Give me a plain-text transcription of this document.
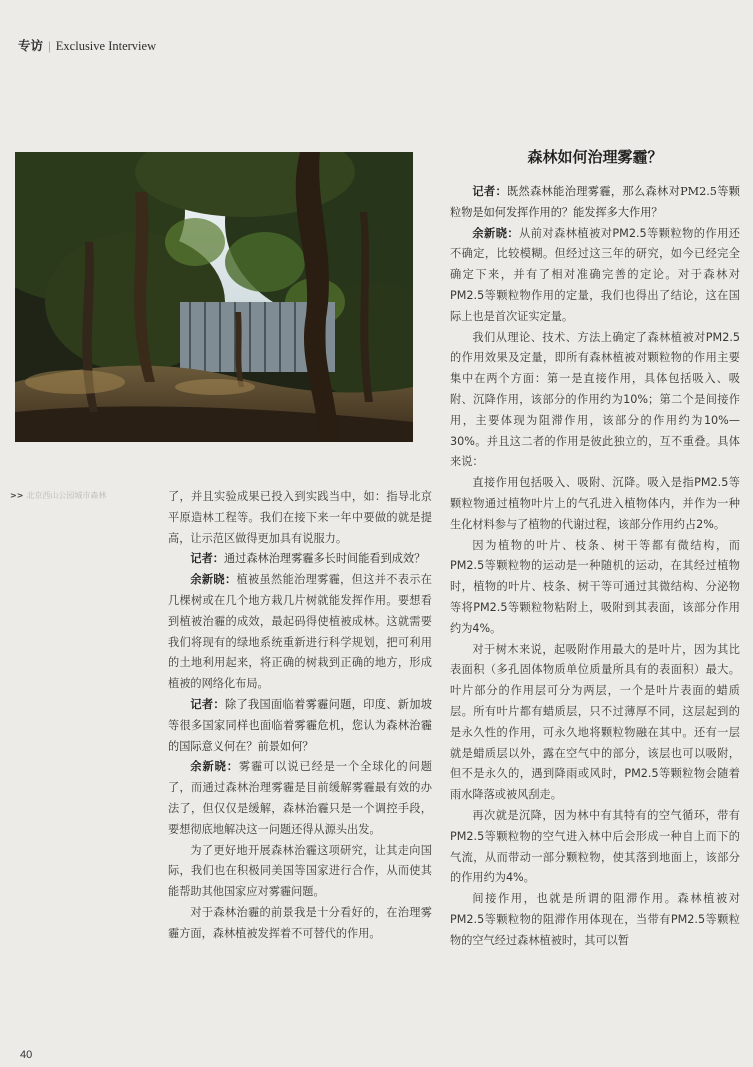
专访 | Exclusive Interview
>> 北京西山公园城市森林	了，并且实验成果已投入到实践当中，如：指导北京平原造林工程等。我们在接下来一年中要做的就是提高，让示范区做得更加具有说服力。

记者：通过森林治理雾霾多长时间能看到成效？

余新晓：植被虽然能治理雾霾，但这并不表示在几棵树或在几个地方栽几片树就能发挥作用。要想看到植被治霾的成效，最起码得使植被成林。这就需要我们将现有的绿地系统重新进行科学规划，把可利用的土地利用起来，将正确的树栽到正确的地方，形成植被的网络化布局。

记者：除了我国面临着雾霾问题，印度、新加坡等很多国家同样也面临着雾霾危机，您认为森林治霾的国际意义何在？前景如何？

余新晓：雾霾可以说已经是一个全球化的问题了，而通过森林治理雾霾是目前缓解雾霾最有效的办法了，但仅仅是缓解，森林治霾只是一个调控手段，要想彻底地解决这一问题还得从源头出发。

为了更好地开展森林治霾这项研究，让其走向国际，我们也在积极同美国等国家进行合作，从而使其能帮助其他国家应对雾霾问题。

对于森林治霾的前景我是十分看好的，在治理雾霾方面，森林植被发挥着不可替代的作用。

森林如何治理雾霾？

记者：既然森林能治理雾霾，那么森林对PM2.5等颗粒物是如何发挥作用的？能发挥多大作用？

余新晓：从前对森林植被对PM2.5等颗粒物的作用还不确定，比较模糊。但经过这三年的研究，如今已经完全确定下来，并有了相对准确完善的定论。对于森林对PM2.5等颗粒物作用的定量，我们也得出了结论，这在国际上也是首次证实定量。

我们从理论、技术、方法上确定了森林植被对PM2.5的作用效果及定量，即所有森林植被对颗粒物的作用主要集中在两个方面：第一是直接作用，具体包括吸入、吸附、沉降作用，该部分的作用约为10%；第二个是间接作用，主要体现为阻滞作用，该部分的作用约为10%—30%。并且这二者的作用是彼此独立的，互不重叠。具体来说：

直接作用包括吸入、吸附、沉降。吸入是指PM2.5等颗粒物通过植物叶片上的气孔进入植物体内，并作为一种生化材料参与了植物的代谢过程，该部分作用约占2%。

因为植物的叶片、枝条、树干等都有微结构，而PM2.5等颗粒物的运动是一种随机的运动，在其经过植物时，植物的叶片、枝条、树干等可通过其微结构、分泌物等将PM2.5等颗粒物粘附上，吸附到其表面，该部分作用约为4%。

对于树木来说，起吸附作用最大的是叶片，因为其比表面积（多孔固体物质单位质量所具有的表面积）最大。叶片部分的作用层可分为两层，一个是叶片表面的蜡质层。所有叶片都有蜡质层，只不过薄厚不同，这层起到的是永久性的作用，可永久地将颗粒物融在其中。还有一层就是蜡质层以外，露在空气中的部分，该层也可以吸附，但不是永久的，遇到降雨或风时，PM2.5等颗粒物会随着雨水降落或被风刮走。

再次就是沉降，因为林中有其特有的空气循环，带有PM2.5等颗粒物的空气进入林中后会形成一种自上而下的气流，从而带动一部分颗粒物，使其落到地面上，该部分的作用约为4%。

间接作用，也就是所谓的阻滞作用。森林植被对PM2.5等颗粒物的阻滞作用体现在，当带有PM2.5等颗粒物的空气经过森林植被时，其可以暂

40
